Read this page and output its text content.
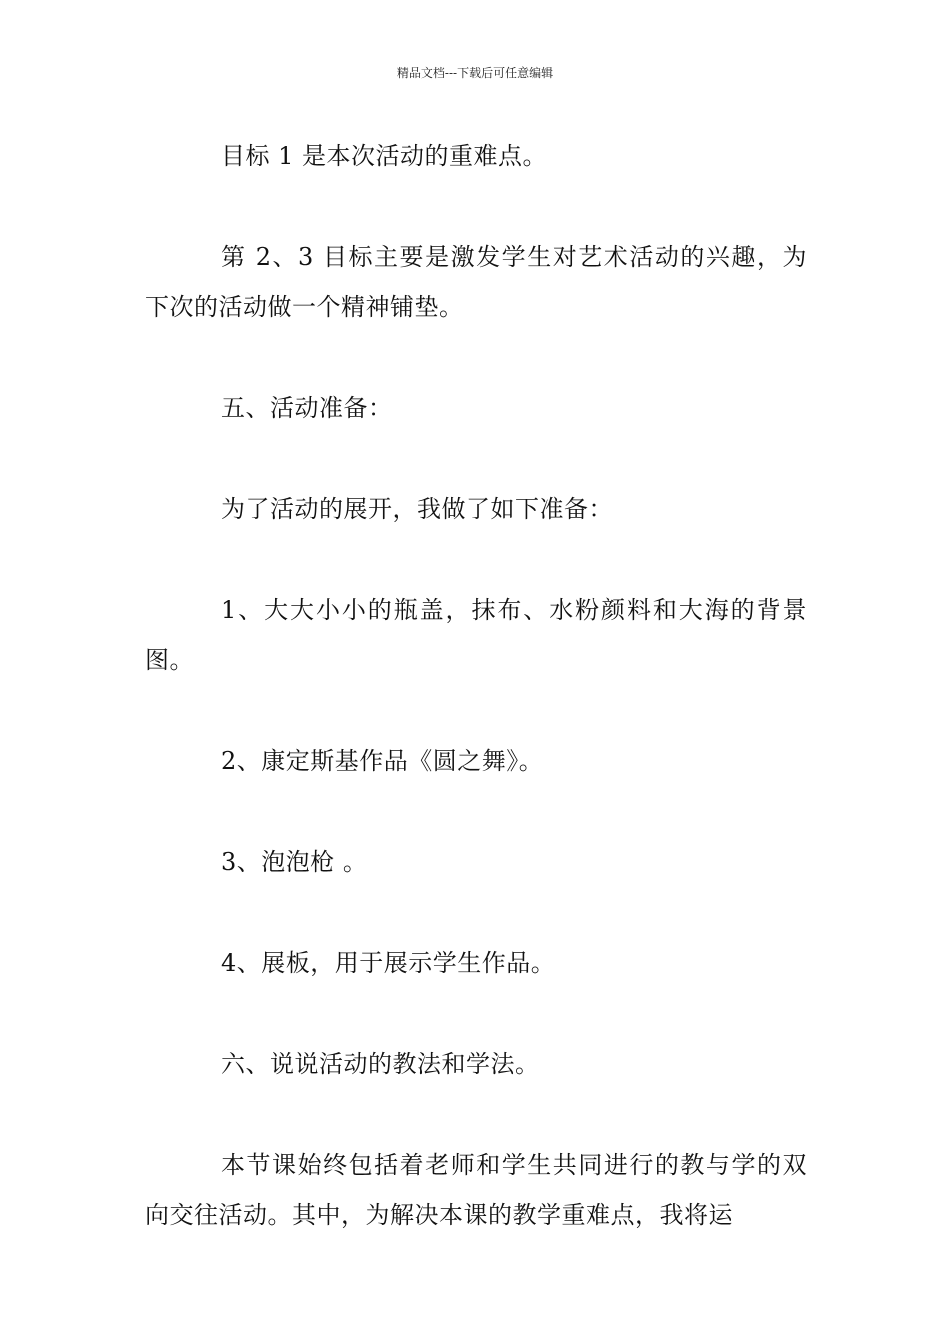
精品文档---下载后可任意编辑

目标 1 是本次活动的重难点。

第 2、3 目标主要是激发学生对艺术活动的兴趣，为下次的活动做一个精神铺垫。

五、活动准备：

为了活动的展开，我做了如下准备：

1、大大小小的瓶盖，抹布、水粉颜料和大海的背景图。

2、康定斯基作品《圆之舞》。

3、泡泡枪 。

4、展板，用于展示学生作品。

六、说说活动的教法和学法。

本节课始终包括着老师和学生共同进行的教与学的双向交往活动。其中，为解决本课的教学重难点，我将运
